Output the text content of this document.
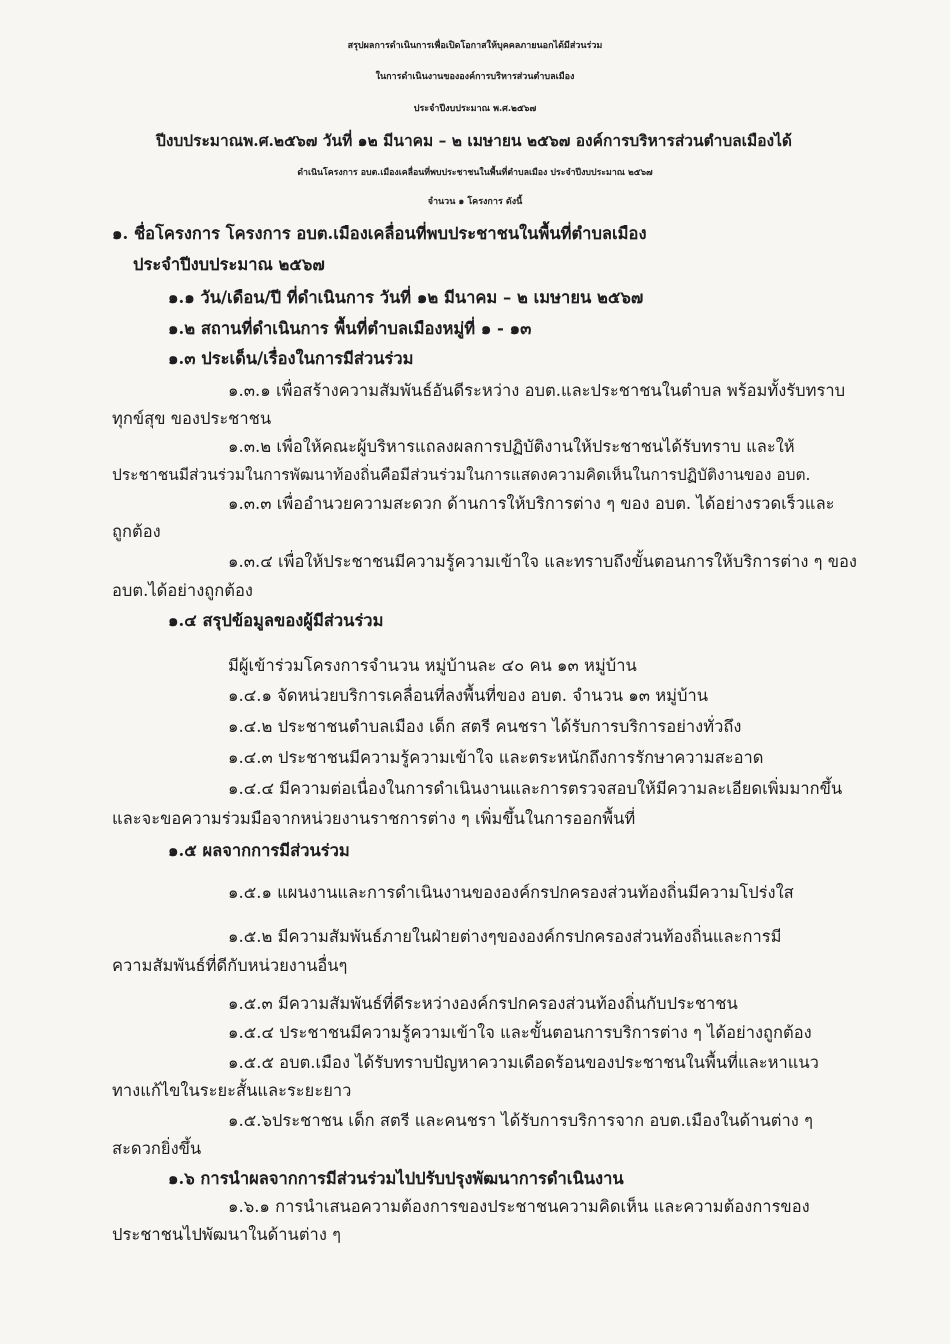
สรุปผลการดำเนินการเพื่อเปิดโอกาสให้บุคคลภายนอกได้มีส่วนร่วม
ในการดำเนินงานขององค์การบริหารส่วนตำบลเมือง
ประจำปีงบประมาณ พ.ศ.๒๕๖๗
ปีงบประมาณพ.ศ.๒๕๖๗ วันที่ ๑๒ มีนาคม – ๒ เมษายน ๒๕๖๗ องค์การบริหารส่วนตำบลเมืองได้
ดำเนินโครงการ อบต.เมืองเคลื่อนที่พบประชาชนในพื้นที่ตำบลเมือง ประจำปีงบประมาณ ๒๕๖๗
จำนวน ๑ โครงการ ดังนี้
๑. ชื่อโครงการ โครงการ อบต.เมืองเคลื่อนที่พบประชาชนในพื้นที่ตำบลเมือง
ประจำปีงบประมาณ ๒๕๖๗
๑.๑ วัน/เดือน/ปี ที่ดำเนินการ วันที่ ๑๒ มีนาคม – ๒ เมษายน ๒๕๖๗
๑.๒ สถานที่ดำเนินการ พื้นที่ตำบลเมืองหมู่ที่ ๑ - ๑๓
๑.๓ ประเด็น/เรื่องในการมีส่วนร่วม
๑.๓.๑ เพื่อสร้างความสัมพันธ์อันดีระหว่าง อบต.และประชาชนในตำบล พร้อมทั้งรับทราบ
ทุกข์สุข ของประชาชน
๑.๓.๒ เพื่อให้คณะผู้บริหารแถลงผลการปฏิบัติงานให้ประชาชนได้รับทราบ และให้
ประชาชนมีส่วนร่วมในการพัฒนาท้องถิ่นคือมีส่วนร่วมในการแสดงความคิดเห็นในการปฏิบัติงานของ อบต.
๑.๓.๓ เพื่ออำนวยความสะดวก ด้านการให้บริการต่าง ๆ ของ อบต. ได้อย่างรวดเร็วและ
ถูกต้อง
๑.๓.๔ เพื่อให้ประชาชนมีความรู้ความเข้าใจ และทราบถึงขั้นตอนการให้บริการต่าง ๆ ของ
อบต.ได้อย่างถูกต้อง
๑.๔ สรุปข้อมูลของผู้มีส่วนร่วม
มีผู้เข้าร่วมโครงการจำนวน หมู่บ้านละ ๔๐ คน ๑๓ หมู่บ้าน
๑.๔.๑ จัดหน่วยบริการเคลื่อนที่ลงพื้นที่ของ อบต. จำนวน ๑๓ หมู่บ้าน
๑.๔.๒ ประชาชนตำบลเมือง เด็ก สตรี คนชรา ได้รับการบริการอย่างทั่วถึง
๑.๔.๓ ประชาชนมีความรู้ความเข้าใจ และตระหนักถึงการรักษาความสะอาด
๑.๔.๔ มีความต่อเนื่องในการดำเนินงานและการตรวจสอบให้มีความละเอียดเพิ่มมากขึ้น
และจะขอความร่วมมือจากหน่วยงานราชการต่าง ๆ เพิ่มขึ้นในการออกพื้นที่
๑.๕ ผลจากการมีส่วนร่วม
๑.๕.๑ แผนงานและการดำเนินงานขององค์กรปกครองส่วนท้องถิ่นมีความโปร่งใส
๑.๕.๒ มีความสัมพันธ์ภายในฝ่ายต่างๆขององค์กรปกครองส่วนท้องถิ่นและการมี
ความสัมพันธ์ที่ดีกับหน่วยงานอื่นๆ
๑.๕.๓ มีความสัมพันธ์ที่ดีระหว่างองค์กรปกครองส่วนท้องถิ่นกับประชาชน
๑.๕.๔ ประชาชนมีความรู้ความเข้าใจ และขั้นตอนการบริการต่าง ๆ ได้อย่างถูกต้อง
๑.๕.๕ อบต.เมือง ได้รับทราบปัญหาความเดือดร้อนของประชาชนในพื้นที่และหาแนว
ทางแก้ไขในระยะสั้นและระยะยาว
๑.๕.๖ประชาชน เด็ก สตรี และคนชรา ได้รับการบริการจาก อบต.เมืองในด้านต่าง ๆ
สะดวกยิ่งขึ้น
๑.๖ การนำผลจากการมีส่วนร่วมไปปรับปรุงพัฒนาการดำเนินงาน
๑.๖.๑ การนำเสนอความต้องการของประชาชนความคิดเห็น และความต้องการของ
ประชาชนไปพัฒนาในด้านต่าง ๆ
